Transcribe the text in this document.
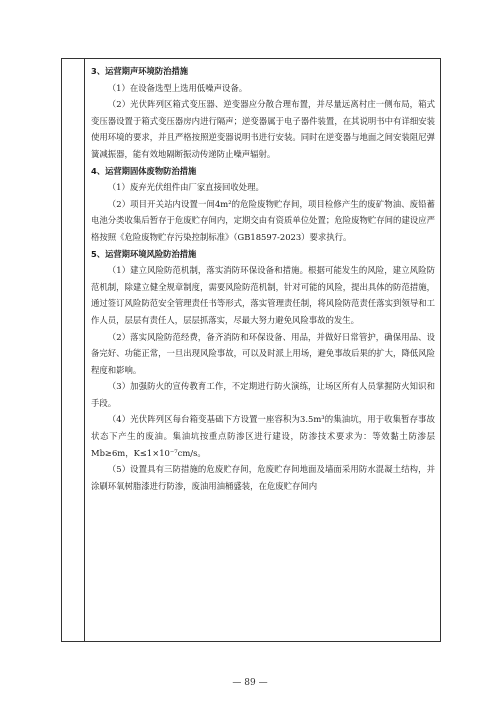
3、运营期声环境防治措施

（1）在设备选型上选用低噪声设备。

（2）光伏阵列区箱式变压器、逆变器应分散合理布置，并尽量远离村庄一侧布局，箱式变压器设置于箱式变压器房内进行隔声；逆变器属于电子器件装置，在其说明书中有详细安装使用环境的要求，并且严格按照逆变器说明书进行安装。同时在逆变器与地面之间安装阻尼弹簧减振器，能有效地隔断振动传递防止噪声辐射。

4、运营期固体废物防治措施

（1）废弃光伏组件由厂家直接回收处理。

（2）项目开关站内设置一间4m²的危险废物贮存间，项目检修产生的废矿物油、废铅蓄电池分类收集后暂存于危废贮存间内，定期交由有资质单位处置；危险废物贮存间的建设应严格按照《危险废物贮存污染控制标准》（GB18597-2023）要求执行。

5、运营期环境风险防治措施

（1）建立风险防范机制，落实消防环保设备和措施。根据可能发生的风险，建立风险防范机制，除建立健全规章制度，需要风险防范机制，针对可能的风险，提出具体的防范措施，通过签订风险防范安全管理责任书等形式，落实管理责任制，将风险防范责任落实到领导和工作人员，层层有责任人，层层抓落实，尽最大努力避免风险事故的发生。

（2）落实风险防范经费，备齐消防和环保设备、用品，并做好日常管护，确保用品、设备完好、功能正常，一旦出现风险事故，可以及时派上用场，避免事故后果的扩大，降低风险程度和影响。

（3）加强防火的宣传教育工作，不定期进行防火演练，让场区所有人员掌握防火知识和手段。

（4）光伏阵列区每台箱变基础下方设置一座容积为3.5m³的集油坑，用于收集暂存事故状态下产生的废油。集油坑按重点防渗区进行建设，防渗技术要求为：等效黏土防渗层Mb≥6m，K≤1×10⁻⁷cm/s。

（5）设置具有三防措施的危废贮存间，危废贮存间地面及墙面采用防水混凝土结构，并涂刷环氧树脂漆进行防渗，废油用油桶盛装，在危废贮存间内

— 89 —
